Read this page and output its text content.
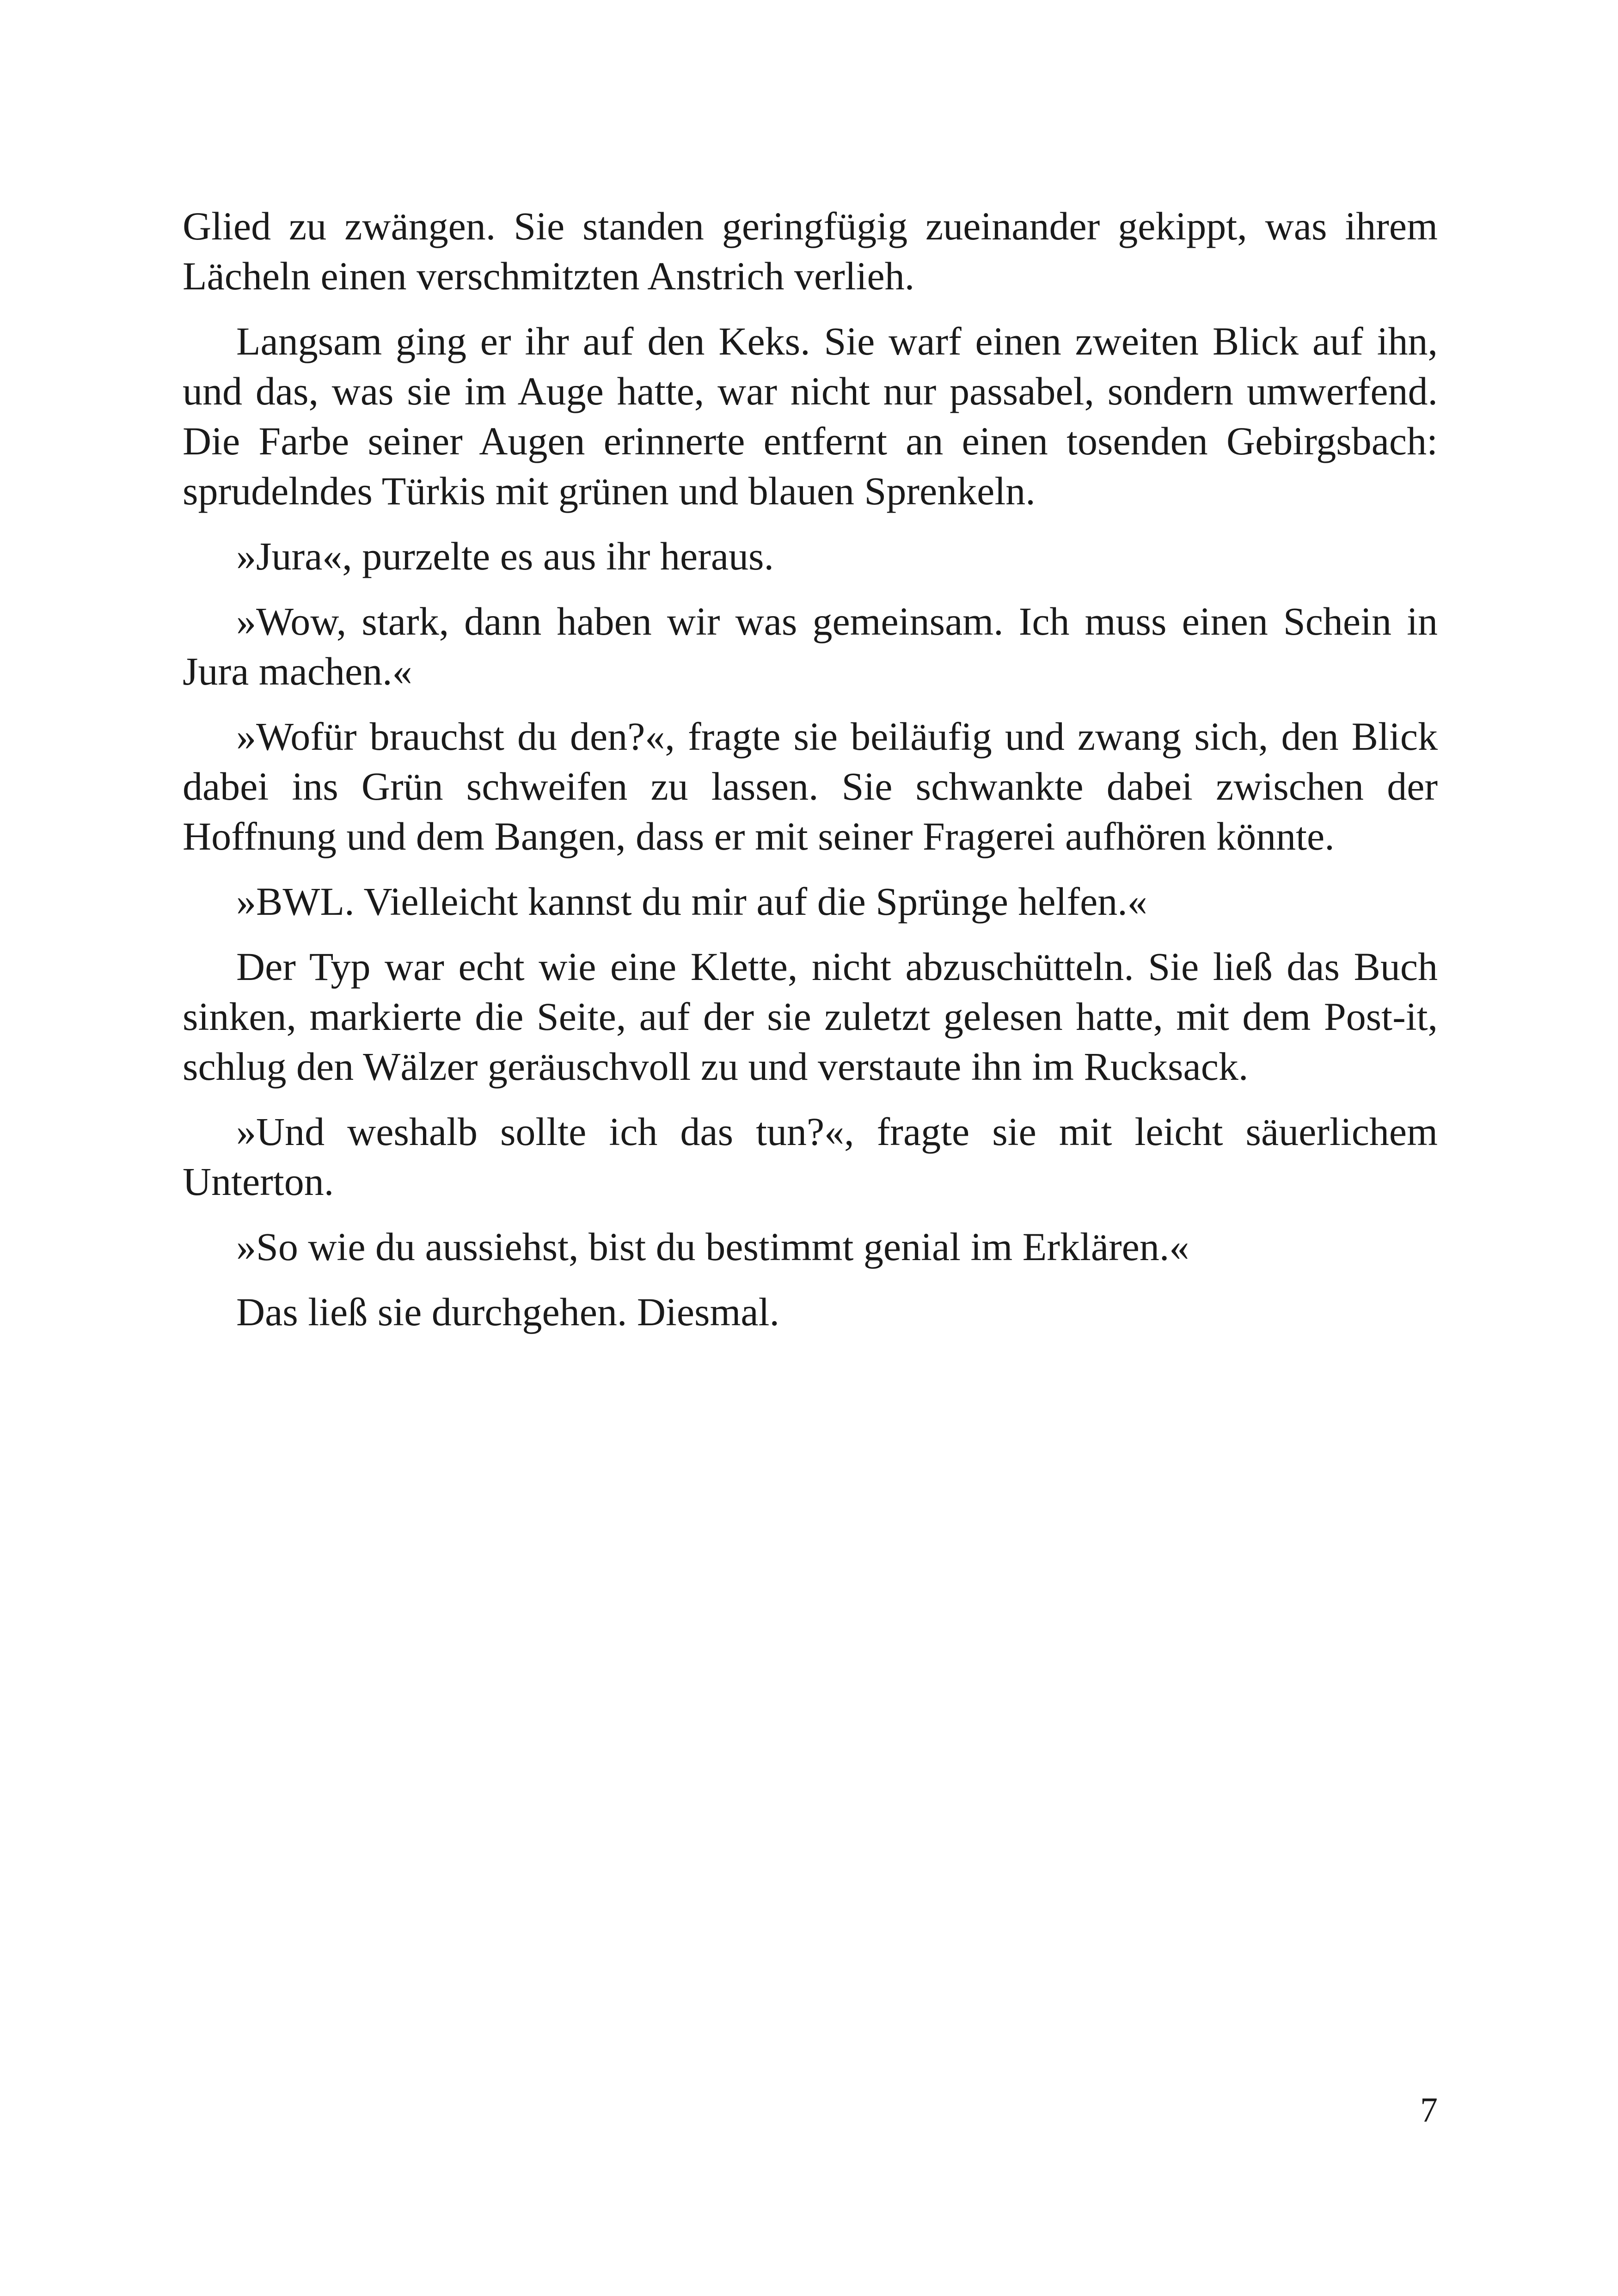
Glied zu zwängen. Sie standen geringfügig zueinander gekippt, was ihrem Lächeln einen verschmitzten Anstrich verlieh.

Langsam ging er ihr auf den Keks. Sie warf einen zweiten Blick auf ihn, und das, was sie im Auge hatte, war nicht nur passabel, sondern umwerfend. Die Farbe seiner Augen erinnerte entfernt an einen tosenden Gebirgsbach: sprudelndes Türkis mit grünen und blauen Sprenkeln.

»Jura«, purzelte es aus ihr heraus.

»Wow, stark, dann haben wir was gemeinsam. Ich muss einen Schein in Jura machen.«

»Wofür brauchst du den?«, fragte sie beiläufig und zwang sich, den Blick dabei ins Grün schweifen zu lassen. Sie schwankte dabei zwischen der Hoffnung und dem Bangen, dass er mit seiner Fragerei aufhören könnte.

»BWL. Vielleicht kannst du mir auf die Sprünge helfen.«

Der Typ war echt wie eine Klette, nicht abzuschütteln. Sie ließ das Buch sinken, markierte die Seite, auf der sie zuletzt gelesen hatte, mit dem Post-it, schlug den Wälzer geräuschvoll zu und verstaute ihn im Rucksack.

»Und weshalb sollte ich das tun?«, fragte sie mit leicht säuerlichem Unterton.

»So wie du aussiehst, bist du bestimmt genial im Erklären.«

Das ließ sie durchgehen. Diesmal.

7
